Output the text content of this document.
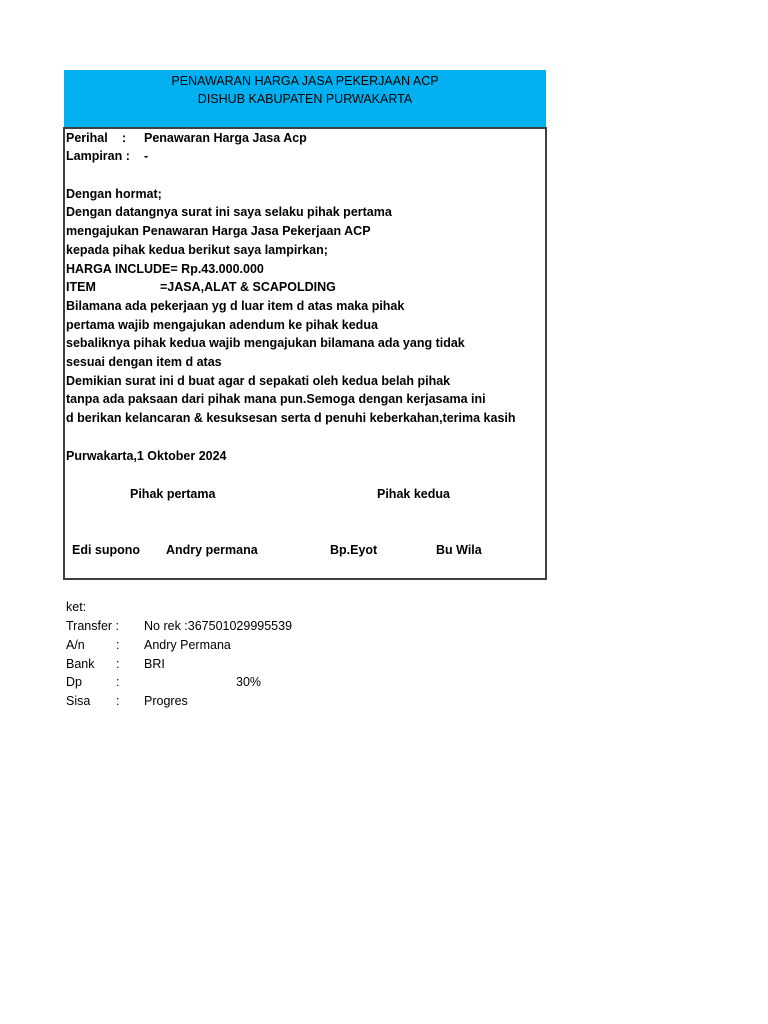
PENAWARAN HARGA JASA PEKERJAAN ACP
DISHUB KABUPATEN PURWAKARTA
Perihal : Penawaran Harga Jasa Acp
Lampiran : -
Dengan hormat;
Dengan datangnya surat ini saya selaku pihak pertama
mengajukan Penawaran Harga Jasa Pekerjaan ACP
kepada pihak kedua berikut saya lampirkan;
HARGA INCLUDE= Rp.43.000.000
ITEM	=JASA,ALAT & SCAPOLDING
Bilamana ada pekerjaan yg d luar item d atas maka pihak
pertama wajib mengajukan adendum ke pihak kedua
sebaliknya pihak kedua wajib mengajukan bilamana ada yang tidak
sesuai dengan item d atas
Demikian surat ini d buat agar d sepakati oleh kedua belah pihak
tanpa ada paksaan dari pihak mana pun.Semoga dengan kerjasama ini
d berikan kelancaran & kesuksesan serta d penuhi keberkahan,terima kasih
Purwakarta,1 Oktober 2024
Pihak pertama	Pihak kedua
Edi supono Andry permana	Bp.Eyot	Bu Wila
ket:
Transfer : No rek :367501029995539
A/n : Andry Permana
Bank : BRI
Dp	:	30%
Sisa : Progres
